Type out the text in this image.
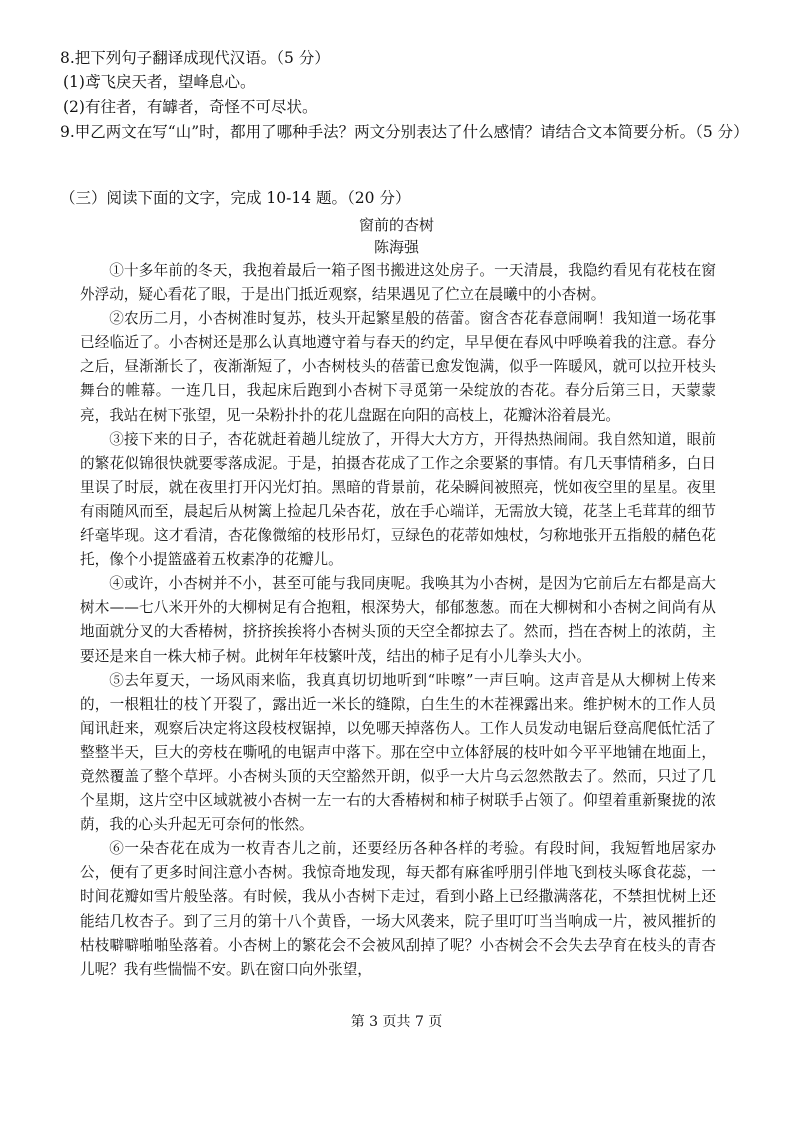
8.把下列句子翻译成现代汉语。（5 分）
(1)鸢飞戾天者，望峰息心。
(2)有往者，有罅者，奇怪不可尽状。
9.甲乙两文在写“山”时，都用了哪种手法？两文分别表达了什么感情？请结合文本简要分析。（5 分）
（三）阅读下面的文字，完成 10-14 题。（20 分）
窗前的杏树
陈海强

①十多年前的冬天，我抱着最后一箱子图书搬进这处房子。一天清晨，我隐约看见有花枝在窗外浮动，疑心看花了眼，于是出门抵近观察，结果遇见了伫立在晨曦中的小杏树。

②农历二月，小杏树准时复苏，枝头开起繁星般的蓓蕾。窗含杏花春意闹啊！我知道一场花事已经临近了。小杏树还是那么认真地遵守着与春天的约定，早早便在春风中呼唤着我的注意。春分之后，昼渐渐长了，夜渐渐短了，小杏树枝头的蓓蕾已愈发饱满，似乎一阵暖风，就可以拉开枝头舞台的帷幕。一连几日，我起床后跑到小杏树下寻觅第一朵绽放的杏花。春分后第三日，天蒙蒙亮，我站在树下张望，见一朵粉扑扑的花儿盘踞在向阳的高枝上，花瓣沐浴着晨光。

③接下来的日子，杏花就赶着趟儿绽放了，开得大大方方，开得热热闹闹。我自然知道，眼前的繁花似锦很快就要零落成泥。于是，拍摄杏花成了工作之余要紧的事情。有几天事情稍多，白日里误了时辰，就在夜里打开闪光灯拍。黑暗的背景前，花朵瞬间被照亮，恍如夜空里的星星。夜里有雨随风而至，晨起后从树篱上捡起几朵杏花，放在手心端详，无需放大镜，花茎上毛茸茸的细节纤毫毕现。这才看清，杏花像微缩的枝形吊灯，豆绿色的花蒂如烛杖，匀称地张开五指般的赭色花托，像个小提篮盛着五枚素净的花瓣儿。

④或许，小杏树并不小，甚至可能与我同庚呢。我唤其为小杏树，是因为它前后左右都是高大树木——七八米开外的大柳树足有合抱粗，根深势大，郁郁葱葱。而在大柳树和小杏树之间尚有从地面就分叉的大香椿树，挤挤挨挨将小杏树头顶的天空全都掠去了。然而，挡在杏树上的浓荫，主要还是来自一株大柿子树。此树年年枝繁叶茂，结出的柿子足有小儿拳头大小。

⑤去年夏天，一场风雨来临，我真真切切地听到“咔嚓”一声巨响。这声音是从大柳树上传来的，一根粗壮的枝丫开裂了，露出近一米长的缝隙，白生生的木茬裸露出来。维护树木的工作人员闻讯赶来，观察后决定将这段枝杈锯掉，以免哪天掉落伤人。工作人员发动电锯后登高爬低忙活了整整半天，巨大的旁枝在嘶吼的电锯声中落下。那在空中立体舒展的枝叶如今平平地铺在地面上，竟然覆盖了整个草坪。小杏树头顶的天空豁然开朗，似乎一大片乌云忽然散去了。然而，只过了几个星期，这片空中区域就被小杏树一左一右的大香椿树和柿子树联手占领了。仰望着重新聚拢的浓荫，我的心头升起无可奈何的怅然。

⑥一朵杏花在成为一枚青杏儿之前，还要经历各种各样的考验。有段时间，我短暂地居家办公，便有了更多时间注意小杏树。我惊奇地发现，每天都有麻雀呼朋引伴地飞到枝头啄食花蕊，一时间花瓣如雪片般坠落。有时候，我从小杏树下走过，看到小路上已经撒满落花，不禁担忧树上还能结几枚杏子。到了三月的第十八个黄昏，一场大风袭来，院子里叮叮当当响成一片，被风摧折的枯枝噼噼啪啪坠落着。小杏树上的繁花会不会被风刮掉了呢？小杏树会不会失去孕育在枝头的青杏儿呢？我有些惴惴不安。趴在窗口向外张望，

第 3 页共 7 页
